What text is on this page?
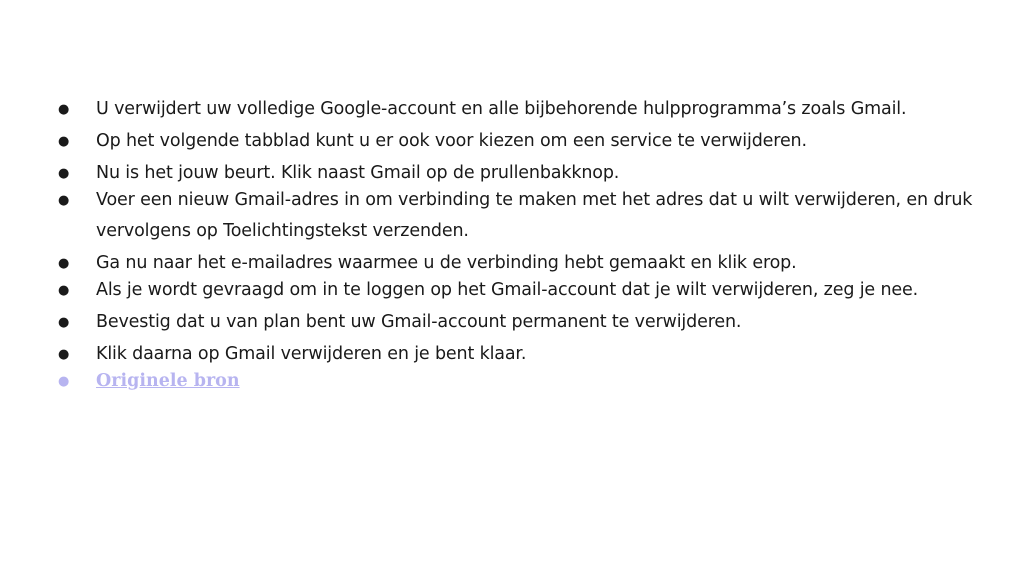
● U verwijdert uw volledige Google-account en alle bijbehorende hulpprogramma’s zoals Gmail.
● Op het volgende tabblad kunt u er ook voor kiezen om een service te verwijderen.
● Nu is het jouw beurt. Klik naast Gmail op de prullenbakknop.
● Voer een nieuw Gmail-adres in om verbinding te maken met het adres dat u wilt verwijderen, en druk vervolgens op Toelichtingstekst verzenden.
● Ga nu naar het e-mailadres waarmee u de verbinding hebt gemaakt en klik erop.
● Als je wordt gevraagd om in te loggen op het Gmail-account dat je wilt verwijderen, zeg je nee.
● Bevestig dat u van plan bent uw Gmail-account permanent te verwijderen.
● Klik daarna op Gmail verwijderen en je bent klaar.
● Originele bron
